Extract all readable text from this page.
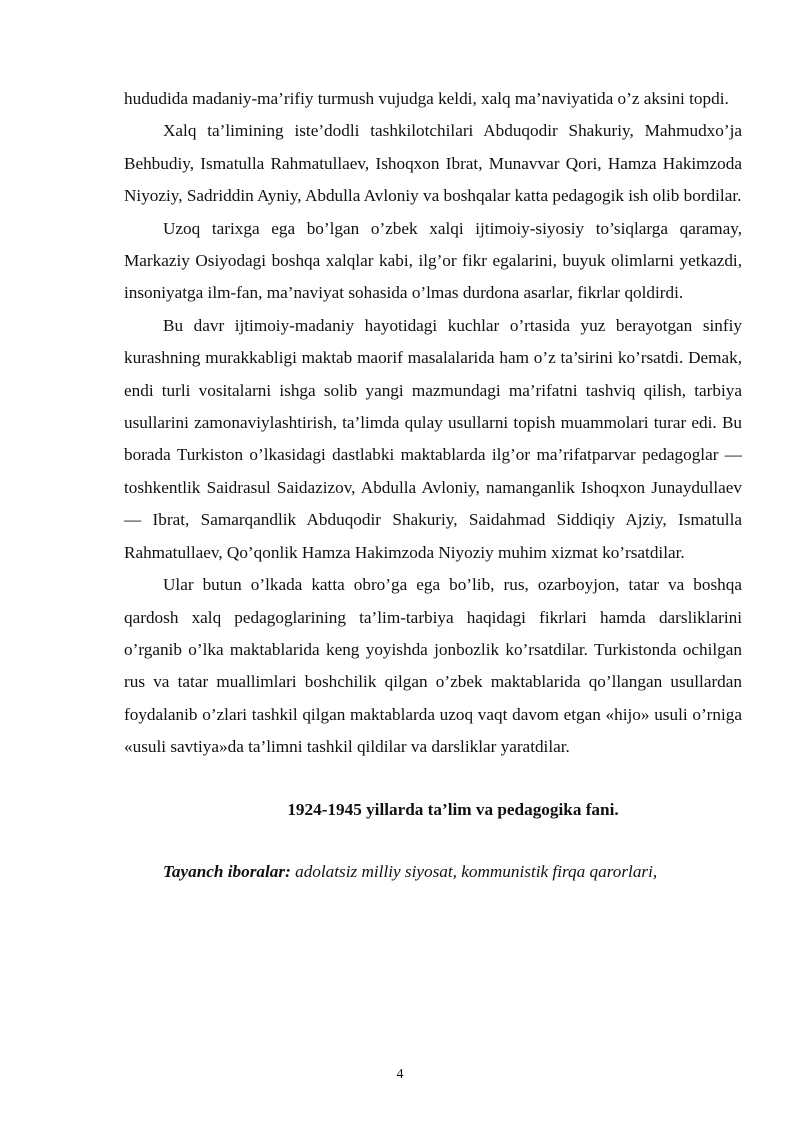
hududida madaniy-ma’rifiy turmush vujudga keldi, xalq ma’naviyatida o’z aksini topdi.

Xalq ta’limining iste’dodli tashkilotchilari Abduqodir Shakuriy, Mahmudxo’ja Behbudiy, Ismatulla Rahmatullaev, Ishoqxon Ibrat, Munavvar Qori, Hamza Hakimzoda Niyoziy, Sadriddin Ayniy, Abdulla Avloniy va boshqalar katta pedagogik ish olib bordilar.

Uzoq tarixga ega bo’lgan o’zbek xalqi ijtimoiy-siyosiy to’siqlarga qaramay, Markaziy Osiyodagi boshqa xalqlar kabi, ilg’or fikr egalarini, buyuk olimlarni yetkazdi, insoniyatga ilm-fan, ma’naviyat sohasida o’lmas durdona asarlar, fikrlar qoldirdi.

Bu davr ijtimoiy-madaniy hayotidagi kuchlar o’rtasida yuz berayotgan sinfiy kurashning murakkabligi maktab maorif masalalarida ham o’z ta’sirini ko’rsatdi. Demak, endi turli vositalarni ishga solib yangi mazmundagi ma’rifatni tashviq qilish, tarbiya usullarini zamonaviylashtirish, ta’limda qulay usullarni topish muammolari turar edi. Bu borada Turkiston o’lkasidagi dastlabki maktablarda ilg’or ma’rifatparvar pedagoglar — toshkentlik Saidrasul Saidazizov, Abdulla Avloniy, namanganlik Ishoqxon Junaydullaev — Ibrat, Samarqandlik Abduqodir Shakuriy, Saidahmad Siddiqiy Ajziy, Ismatulla Rahmatullaev, Qo’qonlik Hamza Hakimzoda Niyoziy muhim xizmat ko’rsatdilar.

Ular butun o’lkada katta obro’ga ega bo’lib, rus, ozarboyjon, tatar va boshqa qardosh xalq pedagoglarining ta’lim-tarbiya haqidagi fikrlari hamda darsliklarini o’rganib o’lka maktablarida keng yoyishda jonbozlik ko’rsatdilar. Turkistonda ochilgan rus va tatar muallimlari boshchilik qilgan o’zbek maktablarida qo’llangan usullardan foydalanib o’zlari tashkil qilgan maktablarda uzoq vaqt davom etgan «hijo» usuli o’rniga «usuli savtiya»da ta’limni tashkil qildilar va darsliklar yaratdilar.

1924-1945 yillarda ta’lim va pedagogika fani.

Tayanch iboralar: adolatsiz milliy siyosat, kommunistik firqa qarorlari,

4
